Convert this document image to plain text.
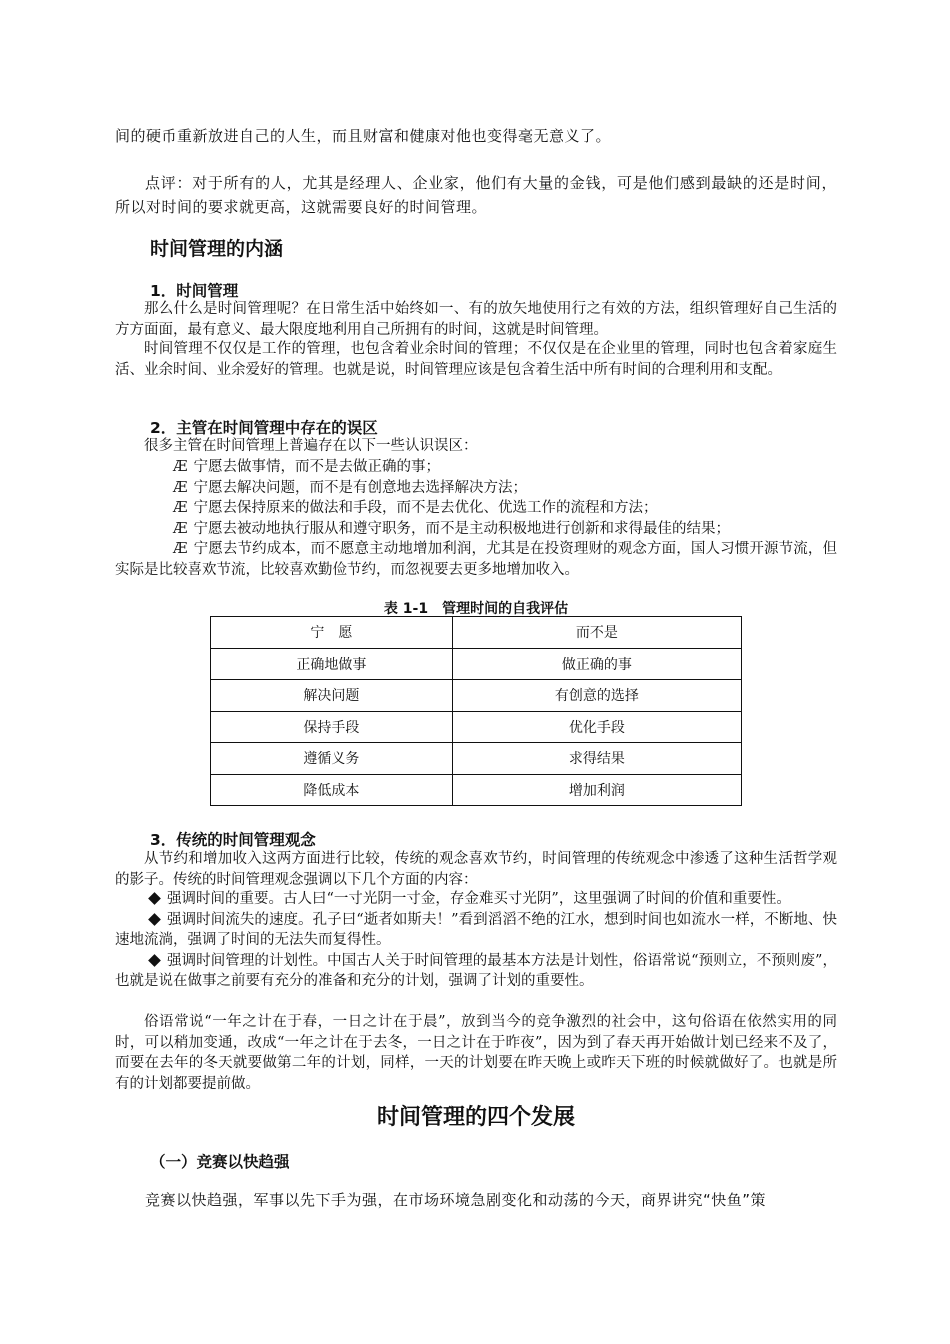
间的硬币重新放进自己的人生，而且财富和健康对他也变得毫无意义了。

点评：对于所有的人，尤其是经理人、企业家，他们有大量的金钱，可是他们感到最缺的还是时间，所以对时间的要求就更高，这就需要良好的时间管理。

时间管理的内涵
1．时间管理

那么什么是时间管理呢？在日常生活中始终如一、有的放矢地使用行之有效的方法，组织管理好自己生活的方方面面，最有意义、最大限度地利用自己所拥有的时间，这就是时间管理。

时间管理不仅仅是工作的管理，也包含着业余时间的管理；不仅仅是在企业里的管理，同时也包含着家庭生活、业余时间、业余爱好的管理。也就是说，时间管理应该是包含着生活中所有时间的合理利用和支配。

2．主管在时间管理中存在的误区

很多主管在时间管理上普遍存在以下一些认识误区：

Æ 宁愿去做事情，而不是去做正确的事；

Æ 宁愿去解决问题，而不是有创意地去选择解决方法；

Æ 宁愿去保持原来的做法和手段，而不是去优化、优选工作的流程和方法；

Æ 宁愿去被动地执行服从和遵守职务，而不是主动积极地进行创新和求得最佳的结果；

Æ 宁愿去节约成本，而不愿意主动地增加利润，尤其是在投资理财的观念方面，国人习惯开源节流，但实际是比较喜欢节流，比较喜欢勤俭节约，而忽视要去更多地增加收入。

表 1-1　管理时间的自我评估
宁　愿	而不是
正确地做事	做正确的事
解决问题	有创意的选择
保持手段	优化手段
遵循义务	求得结果
降低成本	增加利润
3．传统的时间管理观念

从节约和增加收入这两方面进行比较，传统的观念喜欢节约，时间管理的传统观念中渗透了这种生活哲学观的影子。传统的时间管理观念强调以下几个方面的内容：

强调时间的重要。古人曰“一寸光阴一寸金，存金难买寸光阴”，这里强调了时间的价值和重要性。

强调时间流失的速度。孔子曰“逝者如斯夫！”看到滔滔不绝的江水，想到时间也如流水一样，不断地、快速地流淌，强调了时间的无法失而复得性。

强调时间管理的计划性。中国古人关于时间管理的最基本方法是计划性，俗语常说“预则立，不预则废”，也就是说在做事之前要有充分的准备和充分的计划，强调了计划的重要性。

俗语常说“一年之计在于春，一日之计在于晨”，放到当今的竞争激烈的社会中，这句俗语在依然实用的同时，可以稍加变通，改成“一年之计在于去冬，一日之计在于昨夜”，因为到了春天再开始做计划已经来不及了，而要在去年的冬天就要做第二年的计划，同样，一天的计划要在昨天晚上或昨天下班的时候就做好了。也就是所有的计划都要提前做。

时间管理的四个发展
（一）竞赛以快趋强

竞赛以快趋强，军事以先下手为强，在市场环境急剧变化和动荡的今天，商界讲究“快鱼”策
